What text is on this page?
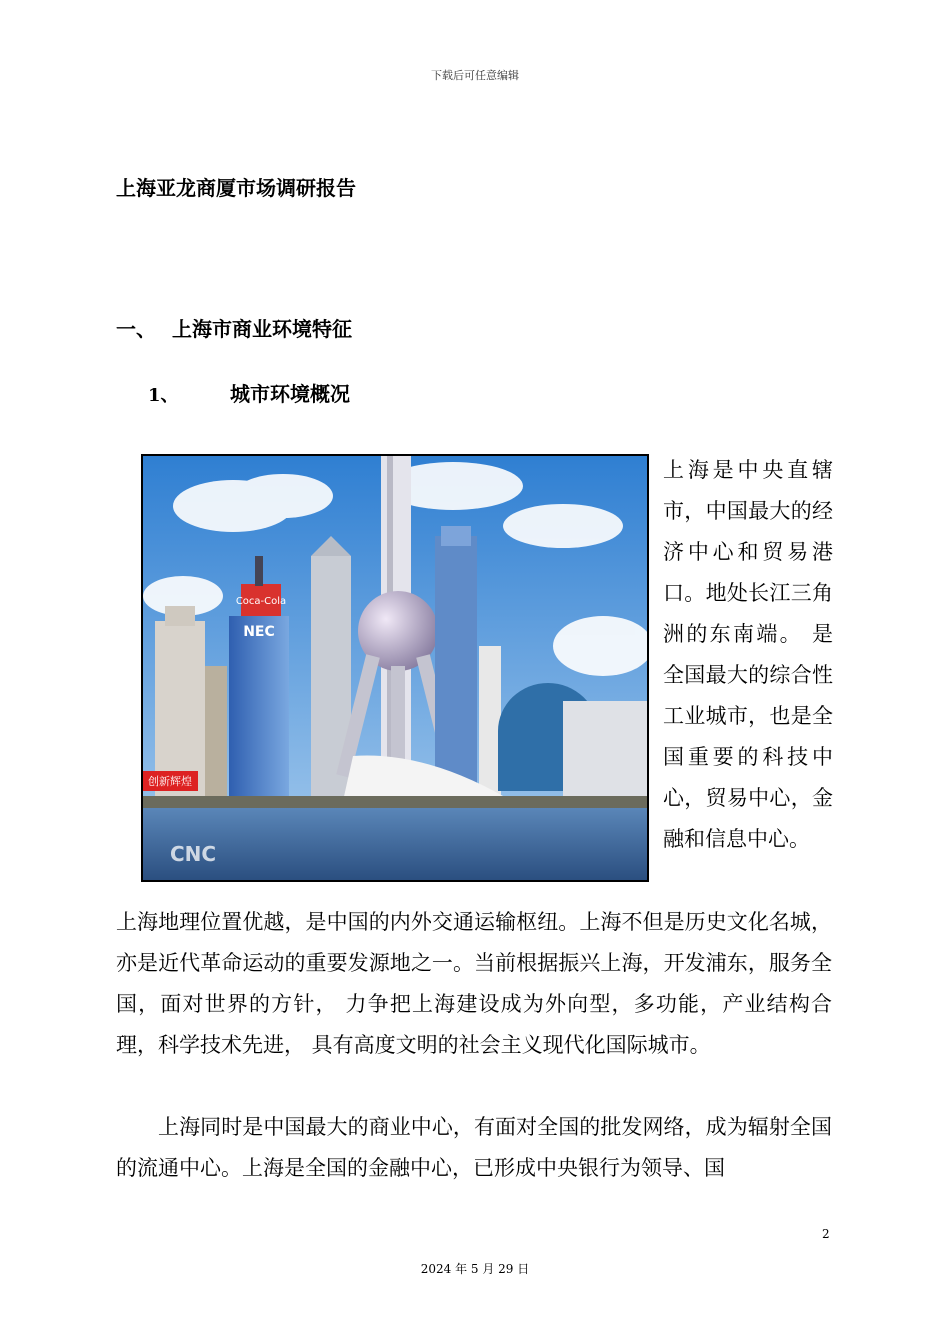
下载后可任意编辑
上海亚龙商厦市场调研报告
一、 上海市商业环境特征
1、	城市环境概况
Coca-Cola
NEC
创新辉煌
CNC
上海是中央直辖市，中国最大的经济中心和贸易港口。地处长江三角洲的东南端。 是全国最大的综合性工业城市，也是全国重要的科技中心，贸易中心，金融和信息中心。
上海地理位置优越，是中国的内外交通运输枢纽。上海不但是历史文化名城， 亦是近代革命运动的重要发源地之一。当前根据振兴上海，开发浦东，服务全国，面对世界的方针， 力争把上海建设成为外向型，多功能，产业结构合理，科学技术先进， 具有高度文明的社会主义现代化国际城市。
上海同时是中国最大的商业中心，有面对全国的批发网络，成为辐射全国的流通中心。上海是全国的金融中心，已形成中央银行为领导、国
2
2024 年 5 月 29 日
